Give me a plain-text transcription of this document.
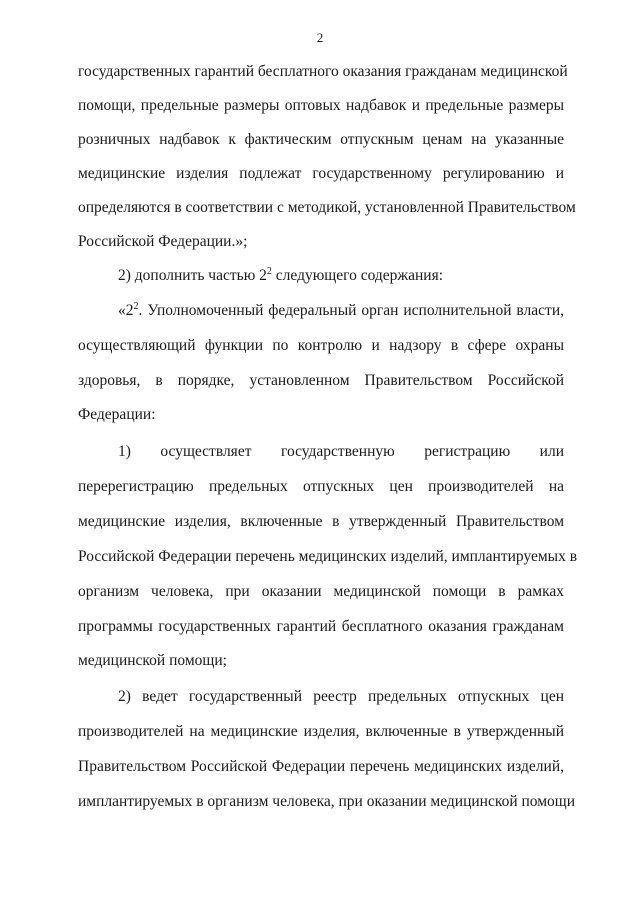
2
государственных гарантий бесплатного оказания гражданам медицинской
помощи, предельные размеры оптовых надбавок и предельные размеры
розничных надбавок к фактическим отпускным ценам на указанные
медицинские изделия подлежат государственному регулированию и
определяются в соответствии с методикой, установленной Правительством
Российской Федерации.»;
2) дополнить частью $2^2$ следующего содержания:
«$2^2$. Уполномоченный федеральный орган исполнительной власти,
осуществляющий функции по контролю и надзору в сфере охраны
здоровья, в порядке, установленном Правительством Российской
Федерации:
1) осуществляет государственную регистрацию или
перерегистрацию предельных отпускных цен производителей на
медицинские изделия, включенные в утвержденный Правительством
Российской Федерации перечень медицинских изделий, имплантируемых в
организм человека, при оказании медицинской помощи в рамках
программы государственных гарантий бесплатного оказания гражданам
медицинской помощи;
2) ведет государственный реестр предельных отпускных цен
производителей на медицинские изделия, включенные в утвержденный
Правительством Российской Федерации перечень медицинских изделий,
имплантируемых в организм человека, при оказании медицинской помощи
